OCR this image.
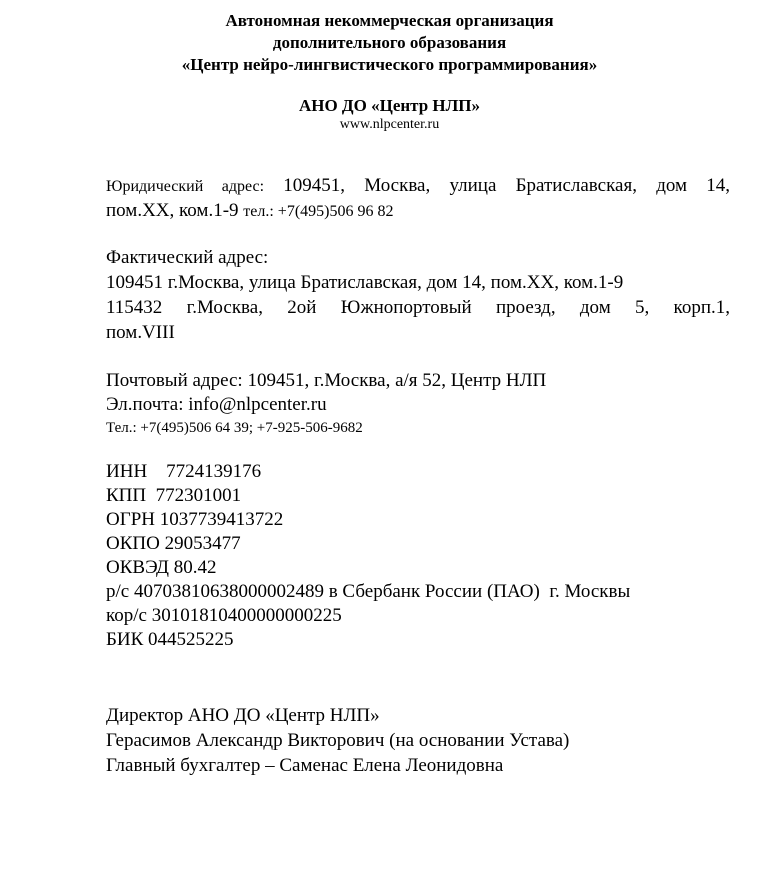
Автономная некоммерческая организация
дополнительного образования
«Центр нейро-лингвистического программирования»
АНО ДО «Центр НЛП»
www.nlpcenter.ru
Юридический адрес: 109451, Москва, улица Братиславская, дом 14,
пом.XX, ком.1-9 тел.: +7(495)506 96 82
Фактический адрес:
109451 г.Москва, улица Братиславская, дом 14, пом.XX, ком.1-9
115432 г.Москва, 2ой Южнопортовый проезд, дом 5, корп.1,
пом.VIII
Почтовый адрес: 109451, г.Москва, а/я 52, Центр НЛП
Эл.почта: info@nlpcenter.ru
Тел.: +7(495)506 64 39; +7-925-506-9682
ИНН    7724139176
КПП  772301001
ОГРН 1037739413722
ОКПО 29053477
ОКВЭД 80.42
р/с 40703810638000002489 в Сбербанк России (ПАО)  г. Москвы
кор/с 30101810400000000225
БИК 044525225
Директор АНО ДО «Центр НЛП»
Герасимов Александр Викторович (на основании Устава)
Главный бухгалтер – Саменас Елена Леонидовна
